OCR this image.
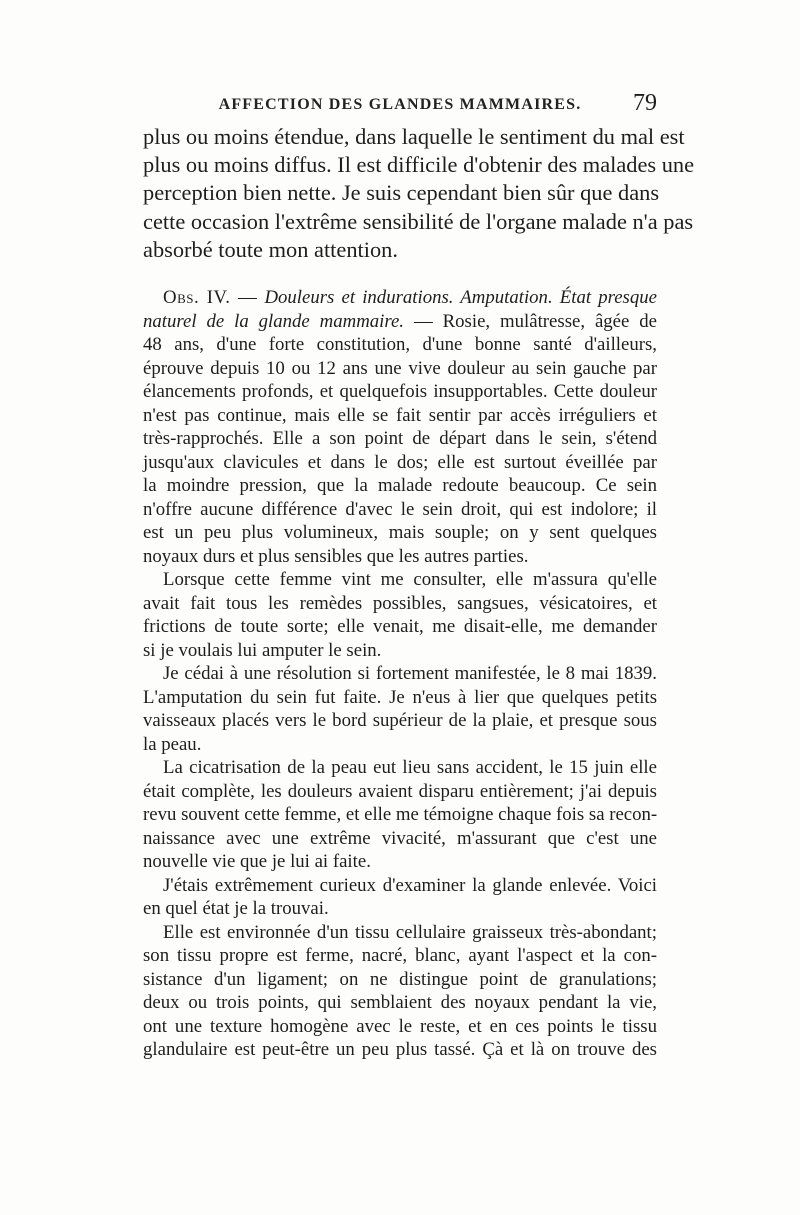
AFFECTION DES GLANDES MAMMAIRES.	79
plus ou moins étendue, dans laquelle le sentiment du mal est
plus ou moins diffus. Il est difficile d'obtenir des malades une
perception bien nette. Je suis cependant bien sûr que dans
cette occasion l'extrême sensibilité de l'organe malade n'a pas
absorbé toute mon attention.
Obs. IV. — Douleurs et indurations. Amputation. État presque
naturel de la glande mammaire. — Rosie, mulâtresse, âgée de
48 ans, d'une forte constitution, d'une bonne santé d'ailleurs,
éprouve depuis 10 ou 12 ans une vive douleur au sein gauche par
élancements profonds, et quelquefois insupportables. Cette douleur
n'est pas continue, mais elle se fait sentir par accès irréguliers et
très-rapprochés. Elle a son point de départ dans le sein, s'étend
jusqu'aux clavicules et dans le dos; elle est surtout éveillée par
la moindre pression, que la malade redoute beaucoup. Ce sein
n'offre aucune différence d'avec le sein droit, qui est indolore; il
est un peu plus volumineux, mais souple; on y sent quelques
noyaux durs et plus sensibles que les autres parties.
Lorsque cette femme vint me consulter, elle m'assura qu'elle
avait fait tous les remèdes possibles, sangsues, vésicatoires, et
frictions de toute sorte; elle venait, me disait-elle, me demander
si je voulais lui amputer le sein.
Je cédai à une résolution si fortement manifestée, le 8 mai 1839.
L'amputation du sein fut faite. Je n'eus à lier que quelques petits
vaisseaux placés vers le bord supérieur de la plaie, et presque sous
la peau.
La cicatrisation de la peau eut lieu sans accident, le 15 juin elle
était complète, les douleurs avaient disparu entièrement; j'ai depuis
revu souvent cette femme, et elle me témoigne chaque fois sa recon-
naissance avec une extrême vivacité, m'assurant que c'est une
nouvelle vie que je lui ai faite.
J'étais extrêmement curieux d'examiner la glande enlevée. Voici
en quel état je la trouvai.
Elle est environnée d'un tissu cellulaire graisseux très-abondant;
son tissu propre est ferme, nacré, blanc, ayant l'aspect et la con-
sistance d'un ligament; on ne distingue point de granulations;
deux ou trois points, qui semblaient des noyaux pendant la vie,
ont une texture homogène avec le reste, et en ces points le tissu
glandulaire est peut-être un peu plus tassé. Çà et là on trouve des
